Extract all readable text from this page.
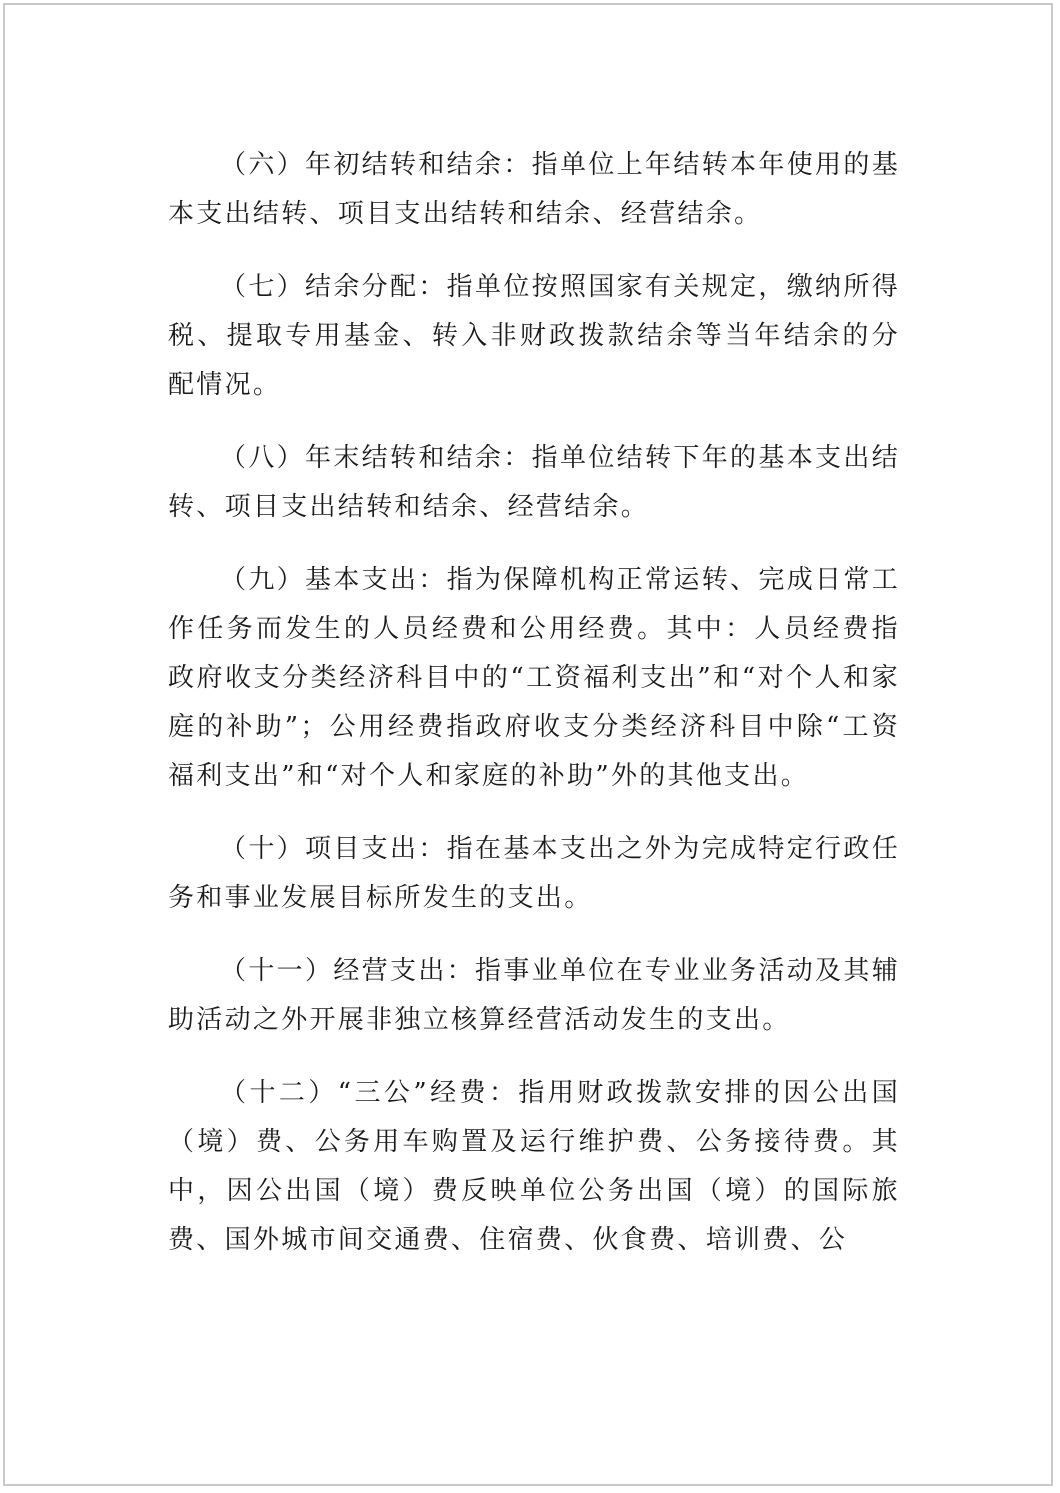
（六）年初结转和结余：指单位上年结转本年使用的基本支出结转、项目支出结转和结余、经营结余。

（七）结余分配：指单位按照国家有关规定，缴纳所得税、提取专用基金、转入非财政拨款结余等当年结余的分配情况。

（八）年末结转和结余：指单位结转下年的基本支出结转、项目支出结转和结余、经营结余。

（九）基本支出：指为保障机构正常运转、完成日常工作任务而发生的人员经费和公用经费。其中：人员经费指政府收支分类经济科目中的“工资福利支出”和“对个人和家庭的补助”；公用经费指政府收支分类经济科目中除“工资福利支出”和“对个人和家庭的补助”外的其他支出。

（十）项目支出：指在基本支出之外为完成特定行政任务和事业发展目标所发生的支出。

（十一）经营支出：指事业单位在专业业务活动及其辅助活动之外开展非独立核算经营活动发生的支出。

（十二）“三公”经费：指用财政拨款安排的因公出国（境）费、公务用车购置及运行维护费、公务接待费。其中，因公出国（境）费反映单位公务出国（境）的国际旅费、国外城市间交通费、住宿费、伙食费、培训费、公
